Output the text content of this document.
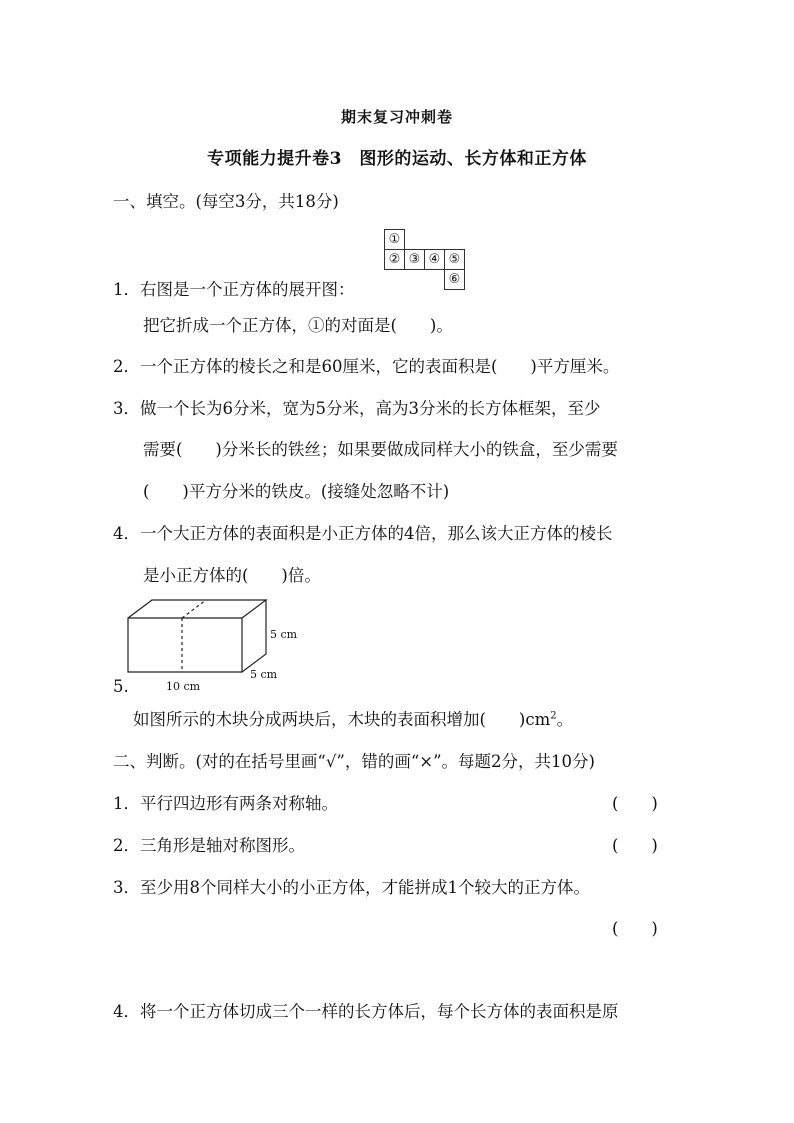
期末复习冲刺卷
专项能力提升卷3　图形的运动、长方体和正方体
一、填空。(每空3分，共18分)
①
② ③ ④ ⑤
⑥
1．右图是一个正方体的展开图：
把它折成一个正方体，①的对面是(　　)。
2．一个正方体的棱长之和是60厘米，它的表面积是(　　)平方厘米。
3．做一个长为6分米，宽为5分米，高为3分米的长方体框架，至少
需要(　　)分米长的铁丝；如果要做成同样大小的铁盒，至少需要
(　　)平方分米的铁皮。(接缝处忽略不计)
4．一个大正方体的表面积是小正方体的4倍，那么该大正方体的棱长
是小正方体的(　　)倍。
5 cm
5 cm
10 cm
5.
如图所示的木块分成两块后，木块的表面积增加(　　)$cm^2$。
二、判断。(对的在括号里画“√”，错的画“×”。每题2分，共10分)
1．平行四边形有两条对称轴。	(　　)
2．三角形是轴对称图形。	(　　)
3．至少用8个同样大小的小正方体，才能拼成1个较大的正方体。
(　　)
4．将一个正方体切成三个一样的长方体后，每个长方体的表面积是原
